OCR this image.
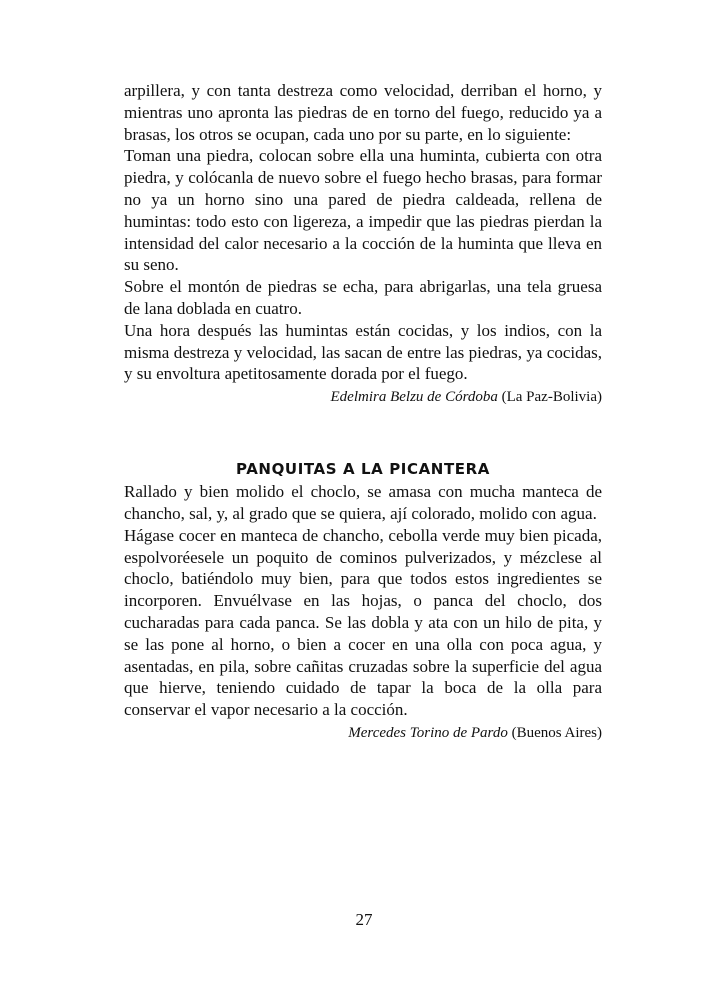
arpillera, y con tanta destreza como velocidad, derriban el horno, y mientras uno apronta las piedras de en torno del fuego, reducido ya a brasas, los otros se ocupan, cada uno por su parte, en lo siguiente:

Toman una piedra, colocan sobre ella una huminta, cubierta con otra piedra, y colócanla de nuevo sobre el fuego hecho brasas, para formar no ya un horno sino una pared de piedra caldeada, rellena de humintas: todo esto con ligereza, a impedir que las piedras pierdan la intensidad del calor necesario a la cocción de la huminta que lleva en su seno.

Sobre el montón de piedras se echa, para abrigarlas, una tela gruesa de lana doblada en cuatro.

Una hora después las humintas están cocidas, y los indios, con la misma destreza y velocidad, las sacan de entre las piedras, ya cocidas, y su envoltura apetitosamente dorada por el fuego.

Edelmira Belzu de Córdoba (La Paz-Bolivia)
PANQUITAS A LA PICANTERA

Rallado y bien molido el choclo, se amasa con mucha manteca de chancho, sal, y, al grado que se quiera, ají colorado, molido con agua.

Hágase cocer en manteca de chancho, cebolla verde muy bien picada, espolvoréesele un poquito de cominos pulverizados, y mézclese al choclo, batiéndolo muy bien, para que todos estos ingredientes se incorporen. Envuélvase en las hojas, o panca del choclo, dos cucharadas para cada panca. Se las dobla y ata con un hilo de pita, y se las pone al horno, o bien a cocer en una olla con poca agua, y asentadas, en pila, sobre cañitas cruzadas sobre la superficie del agua que hierve, teniendo cuidado de tapar la boca de la olla para conservar el vapor necesario a la cocción.

Mercedes Torino de Pardo (Buenos Aires)
27
